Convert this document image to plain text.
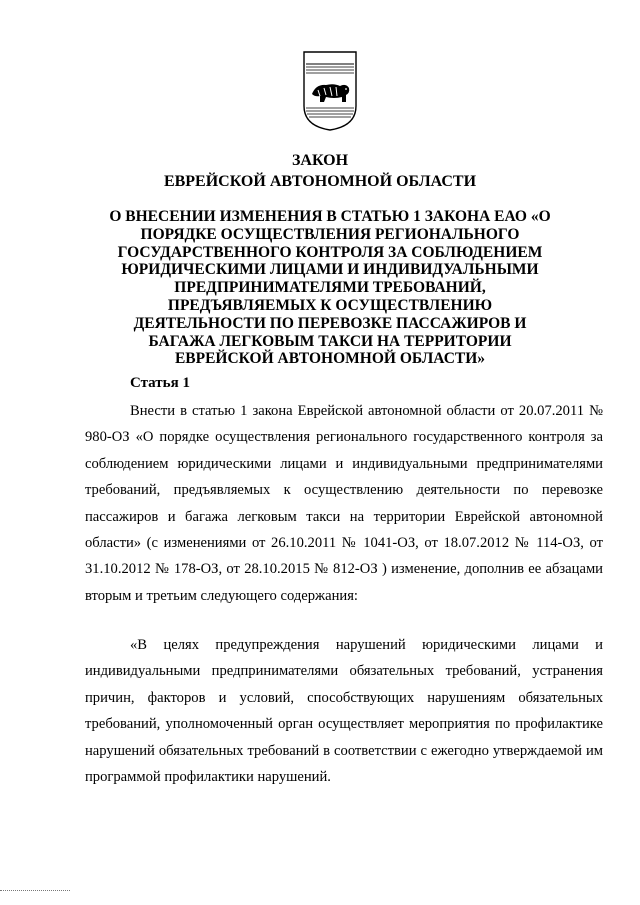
ЗАКОН
ЕВРЕЙСКОЙ АВТОНОМНОЙ ОБЛАСТИ
О ВНЕСЕНИИ ИЗМЕНЕНИЯ В СТАТЬЮ 1 ЗАКОНА ЕАО «О ПОРЯДКЕ ОСУЩЕСТВЛЕНИЯ РЕГИОНАЛЬНОГО ГОСУДАРСТВЕННОГО КОНТРОЛЯ ЗА СОБЛЮДЕНИЕМ ЮРИДИЧЕСКИМИ ЛИЦАМИ И ИНДИВИДУАЛЬНЫМИ ПРЕДПРИНИМАТЕЛЯМИ ТРЕБОВАНИЙ, ПРЕДЪЯВЛЯЕМЫХ К ОСУЩЕСТВЛЕНИЮ ДЕЯТЕЛЬНОСТИ ПО ПЕРЕВОЗКЕ ПАССАЖИРОВ И БАГАЖА ЛЕГКОВЫМ ТАКСИ НА ТЕРРИТОРИИ ЕВРЕЙСКОЙ АВТОНОМНОЙ ОБЛАСТИ»
Статья 1

Внести в статью 1 закона Еврейской автономной области от 20.07.2011 № 980-ОЗ «О порядке осуществления регионального государственного контроля за соблюдением юридическими лицами и индивидуальными предпринимателями требований, предъявляемых к осуществлению деятельности по перевозке пассажиров и багажа легковым такси на территории Еврейской автономной области» (с изменениями от 26.10.2011 № 1041-ОЗ, от 18.07.2012 № 114-ОЗ, от 31.10.2012 № 178-ОЗ, от 28.10.2015 № 812-ОЗ ) изменение, дополнив ее абзацами вторым и третьим следующего содержания:

«В целях предупреждения нарушений юридическими лицами и индивидуальными предпринимателями обязательных требований, устранения причин, факторов и условий, способствующих нарушениям обязательных требований, уполномоченный орган осуществляет мероприятия по профилактике нарушений обязательных требований в соответствии с ежегодно утверждаемой им программой профилактики нарушений.
